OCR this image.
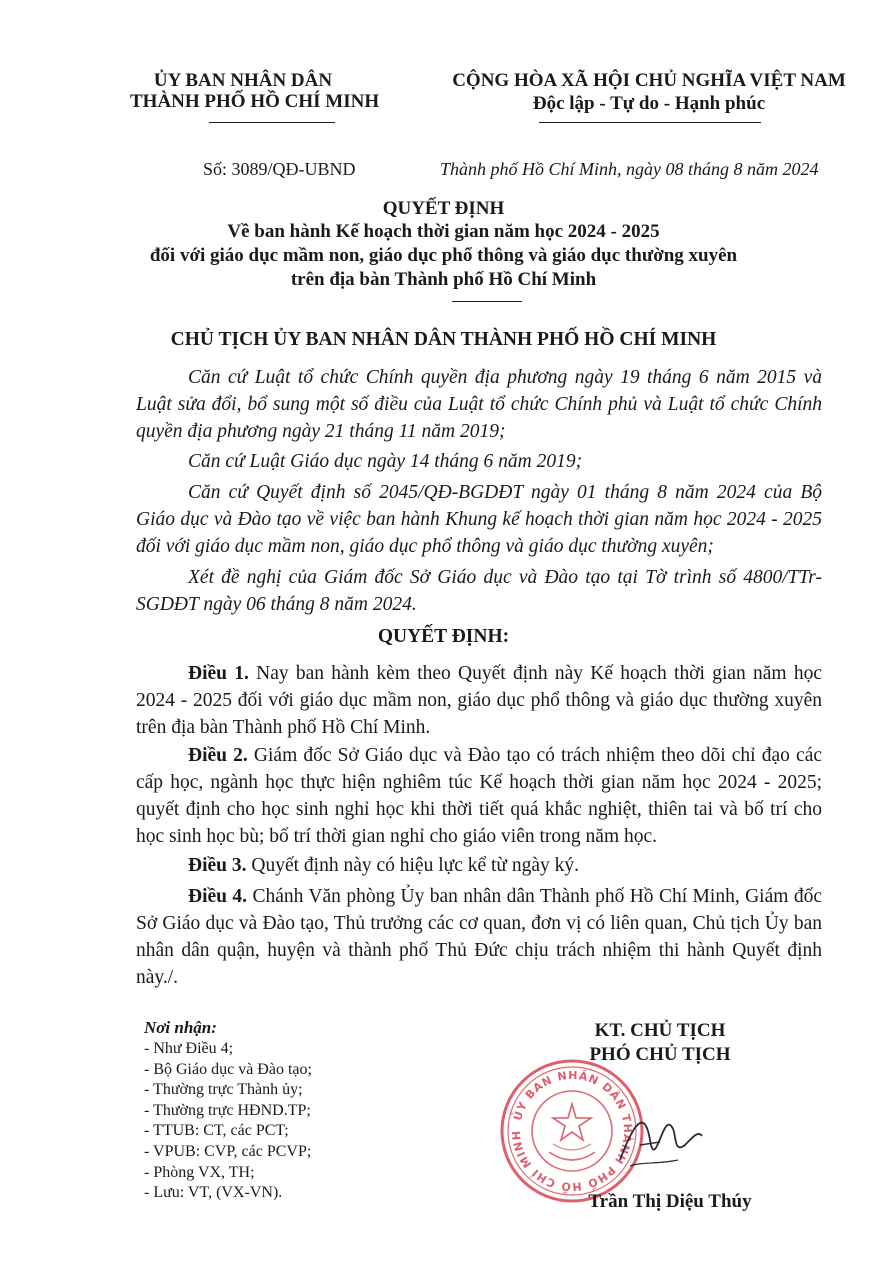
ỦY BAN NHÂN DÂN
THÀNH PHỐ HỒ CHÍ MINH
CỘNG HÒA XÃ HỘI CHỦ NGHĨA VIỆT NAM
Độc lập - Tự do - Hạnh phúc
Số: 3089/QĐ-UBND	Thành phố Hồ Chí Minh, ngày 08 tháng 8 năm 2024
QUYẾT ĐỊNH
Về ban hành Kế hoạch thời gian năm học 2024 - 2025
đối với giáo dục mầm non, giáo dục phổ thông và giáo dục thường xuyên
trên địa bàn Thành phố Hồ Chí Minh
CHỦ TỊCH ỦY BAN NHÂN DÂN THÀNH PHỐ HỒ CHÍ MINH
Căn cứ Luật tổ chức Chính quyền địa phương ngày 19 tháng 6 năm 2015 và Luật sửa đổi, bổ sung một số điều của Luật tổ chức Chính phủ và Luật tổ chức Chính quyền địa phương ngày 21 tháng 11 năm 2019;
Căn cứ Luật Giáo dục ngày 14 tháng 6 năm 2019;
Căn cứ Quyết định số 2045/QĐ-BGDĐT ngày 01 tháng 8 năm 2024 của Bộ Giáo dục và Đào tạo về việc ban hành Khung kế hoạch thời gian năm học 2024 - 2025 đối với giáo dục mầm non, giáo dục phổ thông và giáo dục thường xuyên;
Xét đề nghị của Giám đốc Sở Giáo dục và Đào tạo tại Tờ trình số 4800/TTr-SGDĐT ngày 06 tháng 8 năm 2024.
QUYẾT ĐỊNH:
Điều 1. Nay ban hành kèm theo Quyết định này Kế hoạch thời gian năm học 2024 - 2025 đối với giáo dục mầm non, giáo dục phổ thông và giáo dục thường xuyên trên địa bàn Thành phố Hồ Chí Minh.
Điều 2. Giám đốc Sở Giáo dục và Đào tạo có trách nhiệm theo dõi chỉ đạo các cấp học, ngành học thực hiện nghiêm túc Kế hoạch thời gian năm học 2024 - 2025; quyết định cho học sinh nghỉ học khi thời tiết quá khắc nghiệt, thiên tai và bố trí cho học sinh học bù; bố trí thời gian nghỉ cho giáo viên trong năm học.
Điều 3. Quyết định này có hiệu lực kể từ ngày ký.
Điều 4. Chánh Văn phòng Ủy ban nhân dân Thành phố Hồ Chí Minh, Giám đốc Sở Giáo dục và Đào tạo, Thủ trưởng các cơ quan, đơn vị có liên quan, Chủ tịch Ủy ban nhân dân quận, huyện và thành phố Thủ Đức chịu trách nhiệm thi hành Quyết định này./.
Nơi nhận:
- Như Điều 4;
- Bộ Giáo dục và Đào tạo;
- Thường trực Thành ủy;
- Thường trực HĐND.TP;
- TTUB: CT, các PCT;
- VPUB: CVP, các PCVP;
- Phòng VX, TH;
- Lưu: VT, (VX-VN).
KT. CHỦ TỊCH
PHÓ CHỦ TỊCH
ỦY BAN NHÂN DÂN THÀNH PHỐ HỒ CHÍ MINH
Trần Thị Diệu Thúy
